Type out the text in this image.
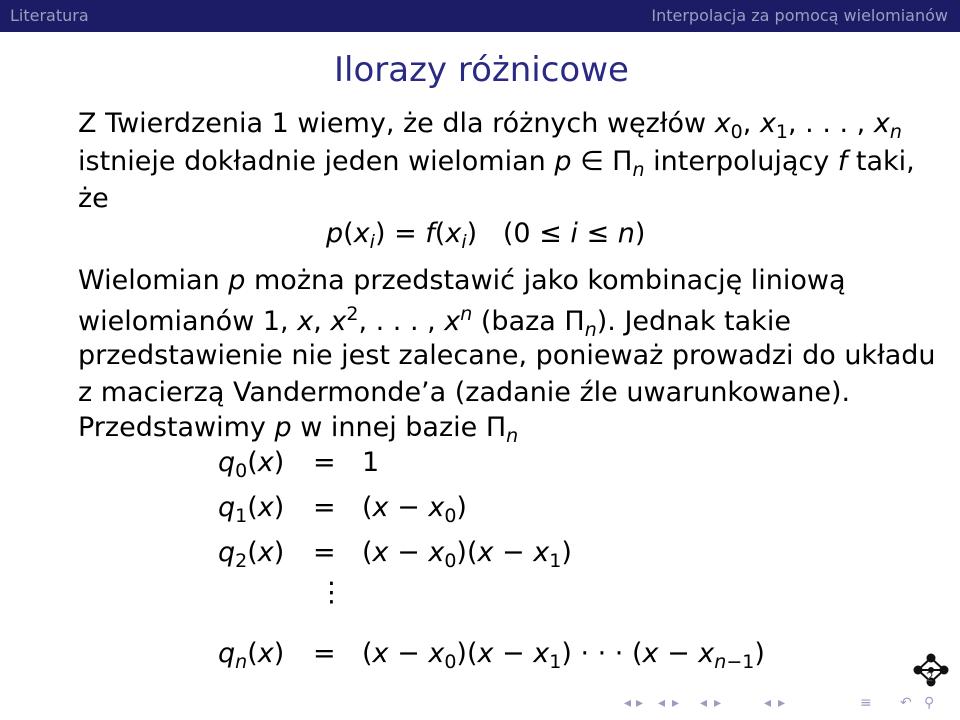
Literatura	Interpolacja za pomocą wielomianów
Ilorazy różnicowe
Z Twierdzenia 1 wiemy, że dla różnych węzłów $x_0$, $x_1$, . . . , $x_n$
istnieje dokładnie jeden wielomian p ∈ $\Pi_n$ interpolujący f taki,
że
$p(x_i) = f(x_i) (0 \le i \le n)$
Wielomian p można przedstawić jako kombinację liniową
wielomianów 1, x, $x^2$, . . . , $x^n$ (baza $\Pi_n$). Jednak takie
przedstawienie nie jest zalecane, ponieważ prowadzi do układu
z macierzą Vandermonde’a (zadanie źle uwarunkowane).
Przedstawimy p w innej bazie $\Pi_n$
$q_0(x) = 1$
$q_1(x) = (x - x_0)$
$q_2(x) = (x - x_0)(x - x_1)$
⋮
$q_n(x) = (x - x_0)(x - x_1)$ · · · $(x - x_{n-1})$
2
◂ ▸ ◂ ▸ ◂ ▸	◂ ▸	≡ ↶ ⚲
